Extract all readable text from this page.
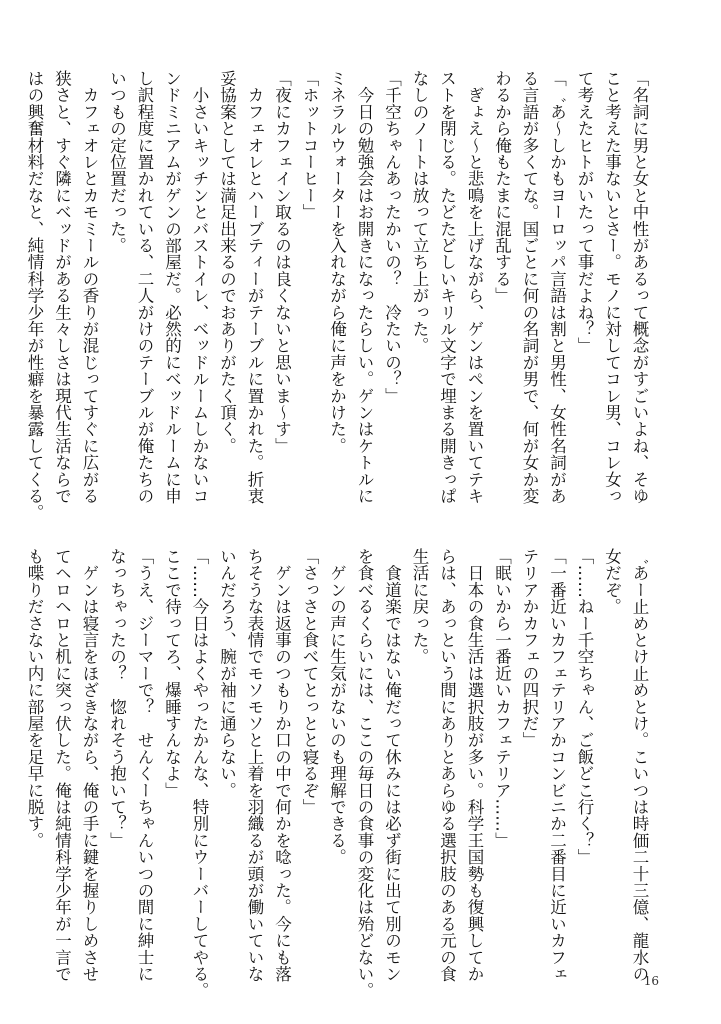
「名詞に男と女と中性があるって概念がすごいよね、そゆ

こと考えた事ないとさー。モノに対してコレ男、コレ女っ

て考えたヒトがいたって事だよね？」

「゛あ〜しかもヨーロッパ言語は割と男性、女性名詞があ

る言語が多くてな。国ごとに何の名詞が男で、何が女か変

わるから俺もたまに混乱する」

　ぎょえ〜と悲鳴を上げながら、ゲンはペンを置いてテキ

ストを閉じる。たどたどしいキリル文字で埋まる開きっぱ

なしのノートは放って立ち上がった。

「千空ちゃんあったかいの？　冷たいの？」

　今日の勉強会はお開きになったらしい。ゲンはケトルに

ミネラルウォーターを入れながら俺に声をかけた。

「ホットコーヒー」

「夜にカフェイン取るのは良くないと思いま〜す」

　カフェオレとハーブティーがテーブルに置かれた。折衷

妥協案としては満足出来るのでおありがたく頂く。

　小さいキッチンとバストイレ、ベッドルームしかないコ

ンドミニアムがゲンの部屋だ。必然的にベッドルームに申

し訳程度に置かれている、二人がけのテーブルが俺たちの

いつもの定位置だった。

　カフェオレとカモミールの香りが混じってすぐに広がる

狭さと、すぐ隣にベッドがある生々しさは現代生活ならで

はの興奮材料だなと、純情科学少年が性癖を暴露してくる。

゛あー止めとけ止めとけ。こいつは時価二十三億、龍水の

女だぞ。

「……ねー千空ちゃん、ご飯どこ行く？」

「一番近いカフェテリアかコンビニか二番目に近いカフェ

テリアかカフェの四択だ」

「眠いから一番近いカフェテリア……」

　日本の食生活は選択肢が多い。科学王国勢も復興してか

らは、あっという間にありとあらゆる選択肢のある元の食

生活に戻った。

　食道楽ではない俺だって休みには必ず街に出て別のモン

を食べるくらいには、ここの毎日の食事の変化は殆どない。

　ゲンの声に生気がないのも理解できる。

「さっさと食べてとっとと寝るぞ」

　ゲンは返事のつもりか口の中で何かを唸った。今にも落

ちそうな表情でモソモソと上着を羽織るが頭が働いていな

いんだろう、腕が袖に通らない。

「……今日はよくやったかんな、特別にウーバーしてやる。

ここで待ってろ、爆睡すんなよ」

「うえ、ジーマーで？　せんくーちゃんいつの間に紳士に

なっちゃったの？　惚れそう抱いて？」

　ゲンは寝言をほざきながら、俺の手に鍵を握りしめさせ

てヘロヘロと机に突っ伏した。俺は純情科学少年が一言で

も喋りださない内に部屋を足早に脱す。

16
